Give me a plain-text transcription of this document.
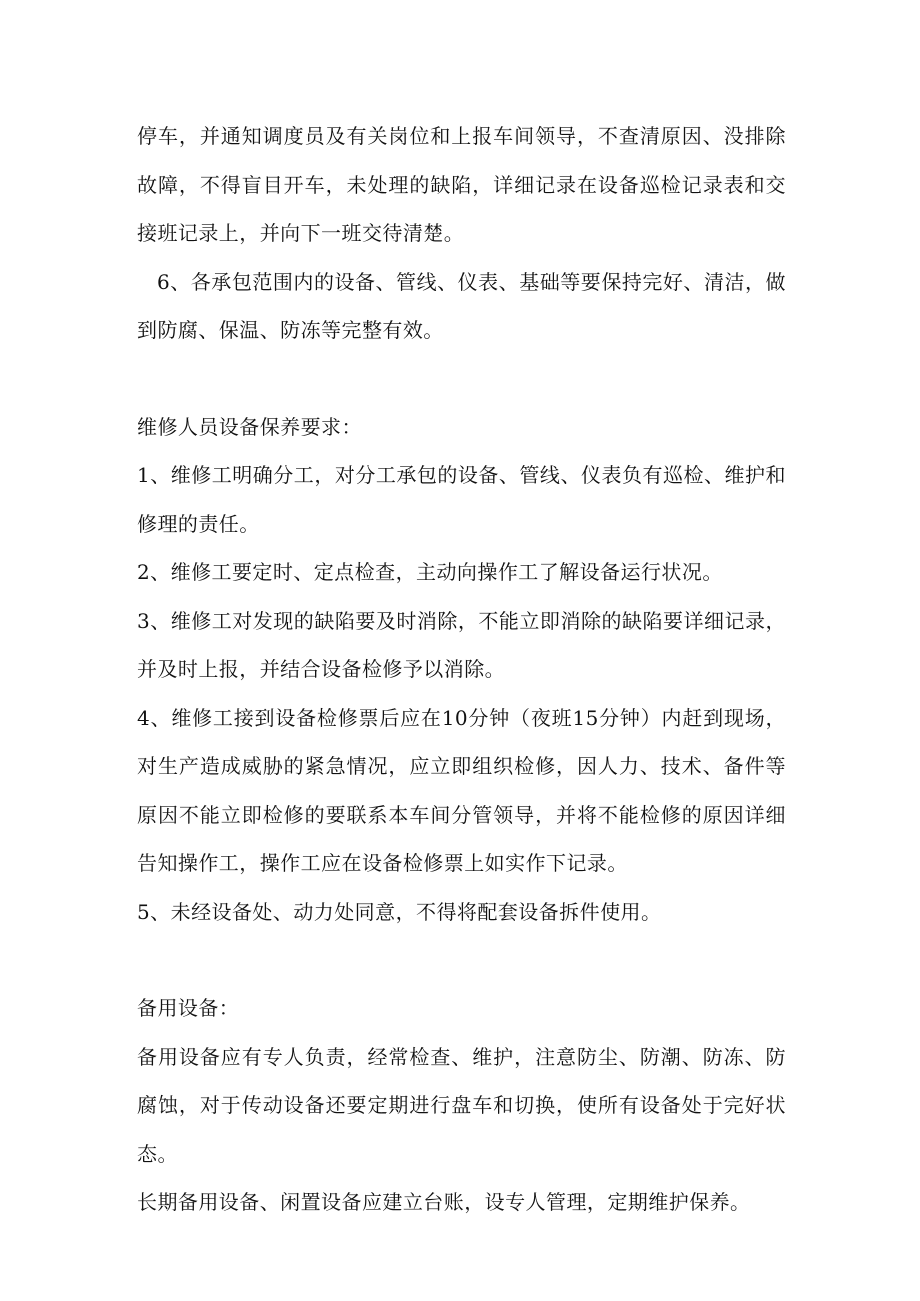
停车，并通知调度员及有关岗位和上报车间领导，不查清原因、没排除故障，不得盲目开车，未处理的缺陷，详细记录在设备巡检记录表和交接班记录上，并向下一班交待清楚。

6、各承包范围内的设备、管线、仪表、基础等要保持完好、清洁，做到防腐、保温、防冻等完整有效。

维修人员设备保养要求：

1、维修工明确分工，对分工承包的设备、管线、仪表负有巡检、维护和修理的责任。

2、维修工要定时、定点检查，主动向操作工了解设备运行状况。

3、维修工对发现的缺陷要及时消除，不能立即消除的缺陷要详细记录，并及时上报，并结合设备检修予以消除。

4、维修工接到设备检修票后应在10分钟（夜班15分钟）内赶到现场，对生产造成威胁的紧急情况，应立即组织检修，因人力、技术、备件等原因不能立即检修的要联系本车间分管领导，并将不能检修的原因详细告知操作工，操作工应在设备检修票上如实作下记录。

5、未经设备处、动力处同意，不得将配套设备拆件使用。

备用设备：

备用设备应有专人负责，经常检查、维护，注意防尘、防潮、防冻、防腐蚀，对于传动设备还要定期进行盘车和切换，使所有设备处于完好状态。

长期备用设备、闲置设备应建立台账，设专人管理，定期维护保养。
